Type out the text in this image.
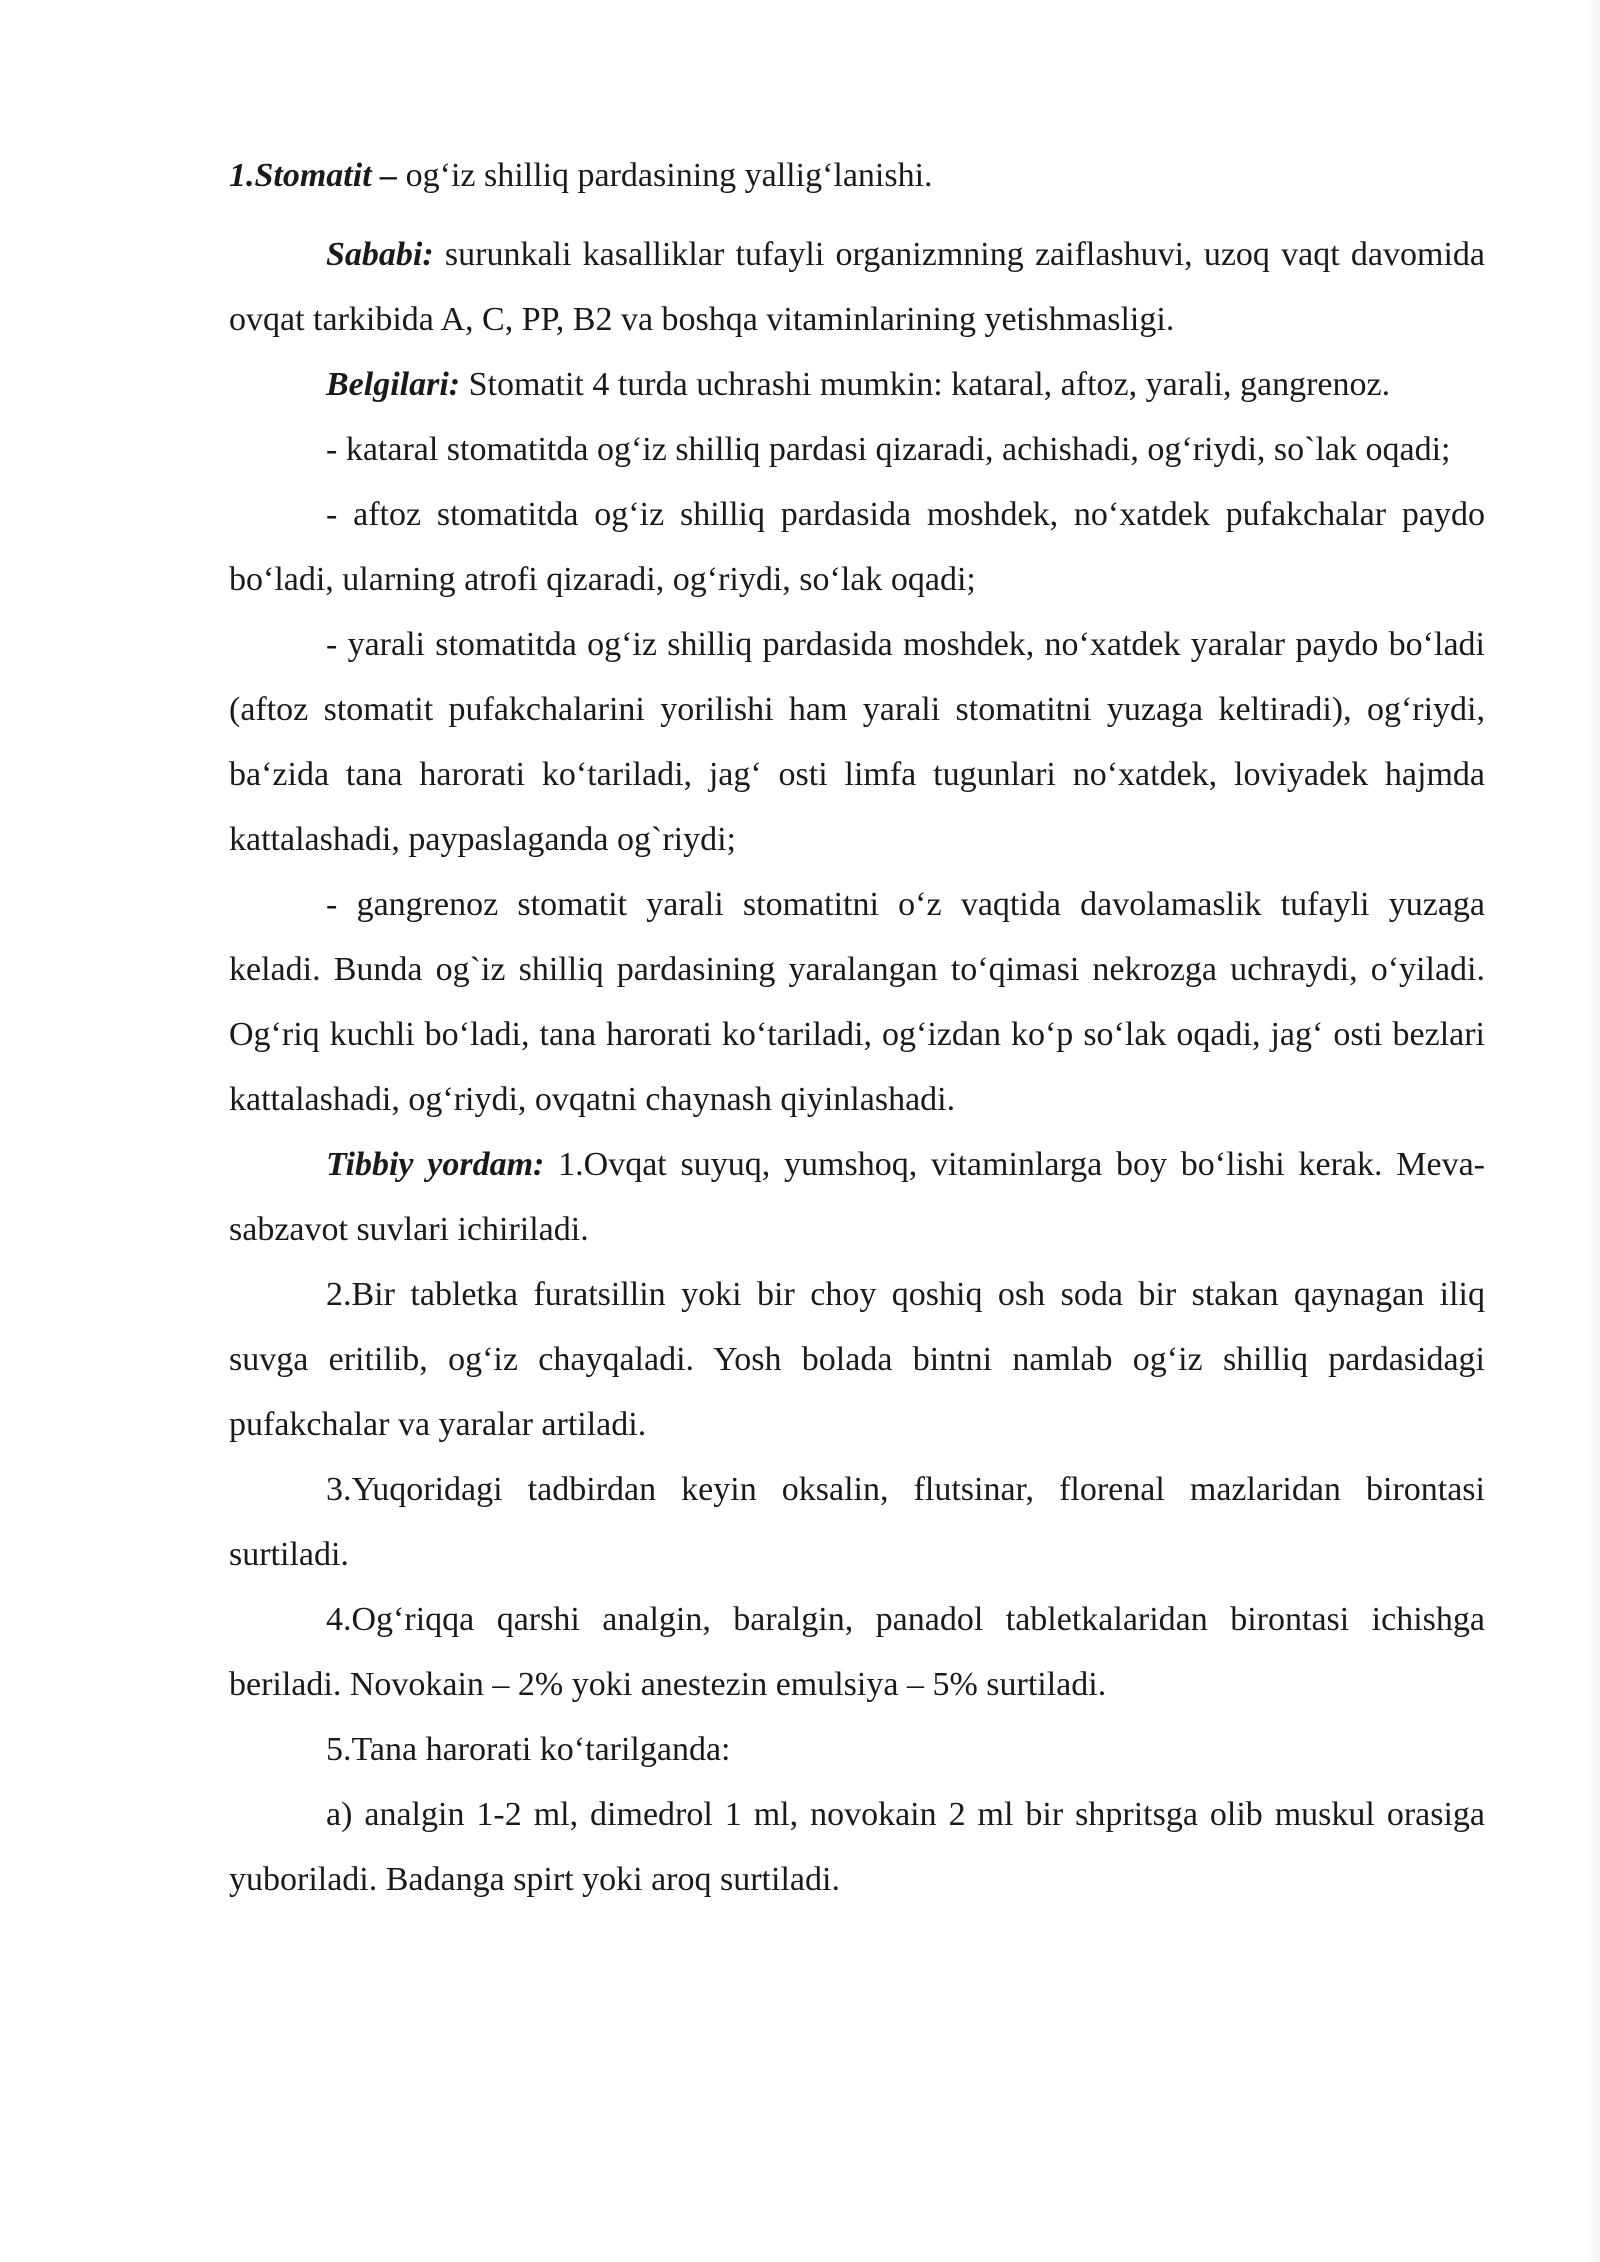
1.Stomatit – og‘iz shilliq pardasining yallig‘lanishi.

Sababi: surunkali kasalliklar tufayli organizmning zaiflashuvi, uzoq vaqt davomida ovqat tarkibida A, C, PP, B2 va boshqa vitaminlarining yetishmasligi.

Belgilari: Stomatit 4 turda uchrashi mumkin: kataral, aftoz, yarali, gangrenoz.

- kataral stomatitda og‘iz shilliq pardasi qizaradi, achishadi, og‘riydi, so`lak oqadi;

- aftoz stomatitda og‘iz shilliq pardasida moshdek, no‘xatdek pufakchalar paydo bo‘ladi, ularning atrofi qizaradi, og‘riydi, so‘lak oqadi;

- yarali stomatitda og‘iz shilliq pardasida moshdek, no‘xatdek yaralar paydo bo‘ladi (aftoz stomatit pufakchalarini yorilishi ham yarali stomatitni yuzaga keltiradi), og‘riydi, ba‘zida tana harorati ko‘tariladi, jag‘ osti limfa tugunlari no‘xatdek, loviyadek hajmda kattalashadi, paypaslaganda og`riydi;

- gangrenoz stomatit yarali stomatitni o‘z vaqtida davolamaslik tufayli yuzaga keladi. Bunda og`iz shilliq pardasining yaralangan to‘qimasi nekrozga uchraydi, o‘yiladi. Og‘riq kuchli bo‘ladi, tana harorati ko‘tariladi, og‘izdan ko‘p so‘lak oqadi, jag‘ osti bezlari kattalashadi, og‘riydi, ovqatni chaynash qiyinlashadi.

Tibbiy yordam: 1.Ovqat suyuq, yumshoq, vitaminlarga boy bo‘lishi kerak. Meva-sabzavot suvlari ichiriladi.

2.Bir tabletka furatsillin yoki bir choy qoshiq osh soda bir stakan qaynagan iliq suvga eritilib, og‘iz chayqaladi. Yosh bolada bintni namlab og‘iz shilliq pardasidagi pufakchalar va yaralar artiladi.

3.Yuqoridagi tadbirdan keyin oksalin, flutsinar, florenal mazlaridan birontasi surtiladi.

4.Og‘riqqa qarshi analgin, baralgin, panadol tabletkalaridan birontasi ichishga beriladi. Novokain – 2% yoki anestezin emulsiya – 5% surtiladi.

5.Tana harorati ko‘tarilganda:

a) analgin 1-2 ml, dimedrol 1 ml, novokain 2 ml bir shpritsga olib muskul orasiga yuboriladi. Badanga spirt yoki aroq surtiladi.
